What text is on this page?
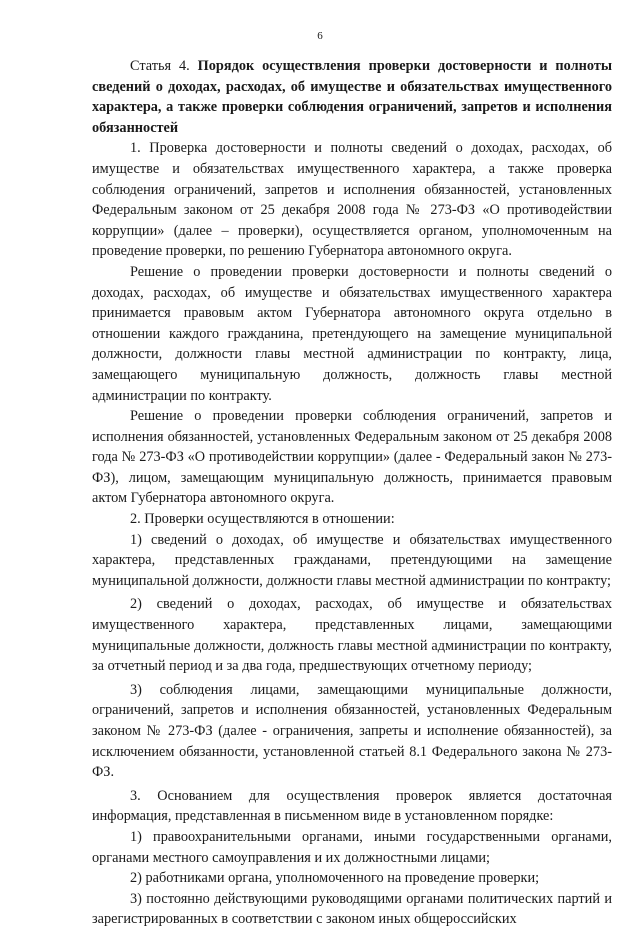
6

Статья 4. Порядок осуществления проверки достоверности и полноты сведений о доходах, расходах, об имуществе и обязательствах имущественного характера, а также проверки соблюдения ограничений, запретов и исполнения обязанностей

1. Проверка достоверности и полноты сведений о доходах, расходах, об имуществе и обязательствах имущественного характера, а также проверка соблюдения ограничений, запретов и исполнения обязанностей, установленных Федеральным законом от 25 декабря 2008 года № 273-ФЗ «О противодействии коррупции» (далее – проверки), осуществляется органом, уполномоченным на проведение проверки, по решению Губернатора автономного округа.

Решение о проведении проверки достоверности и полноты сведений о доходах, расходах, об имуществе и обязательствах имущественного характера принимается правовым актом Губернатора автономного округа отдельно в отношении каждого гражданина, претендующего на замещение муниципальной должности, должности главы местной администрации по контракту, лица, замещающего муниципальную должность, должность главы местной администрации по контракту.

Решение о проведении проверки соблюдения ограничений, запретов и исполнения обязанностей, установленных Федеральным законом от 25 декабря 2008 года № 273-ФЗ «О противодействии коррупции» (далее - Федеральный закон № 273-ФЗ), лицом, замещающим муниципальную должность, принимается правовым актом Губернатора автономного округа.

2. Проверки осуществляются в отношении:

1) сведений о доходах, об имуществе и обязательствах имущественного характера, представленных гражданами, претендующими на замещение муниципальной должности, должности главы местной администрации по контракту;

2) сведений о доходах, расходах, об имуществе и обязательствах имущественного характера, представленных лицами, замещающими муниципальные должности, должность главы местной администрации по контракту, за отчетный период и за два года, предшествующих отчетному периоду;

3) соблюдения лицами, замещающими муниципальные должности, ограничений, запретов и исполнения обязанностей, установленных Федеральным законом № 273-ФЗ (далее - ограничения, запреты и исполнение обязанностей), за исключением обязанности, установленной статьей 8.1 Федерального закона № 273-ФЗ.

3. Основанием для осуществления проверок является достаточная информация, представленная в письменном виде в установленном порядке:

1) правоохранительными органами, иными государственными органами, органами местного самоуправления и их должностными лицами;

2) работниками органа, уполномоченного на проведение проверки;

3) постоянно действующими руководящими органами политических партий и зарегистрированных в соответствии с законом иных общероссийских
